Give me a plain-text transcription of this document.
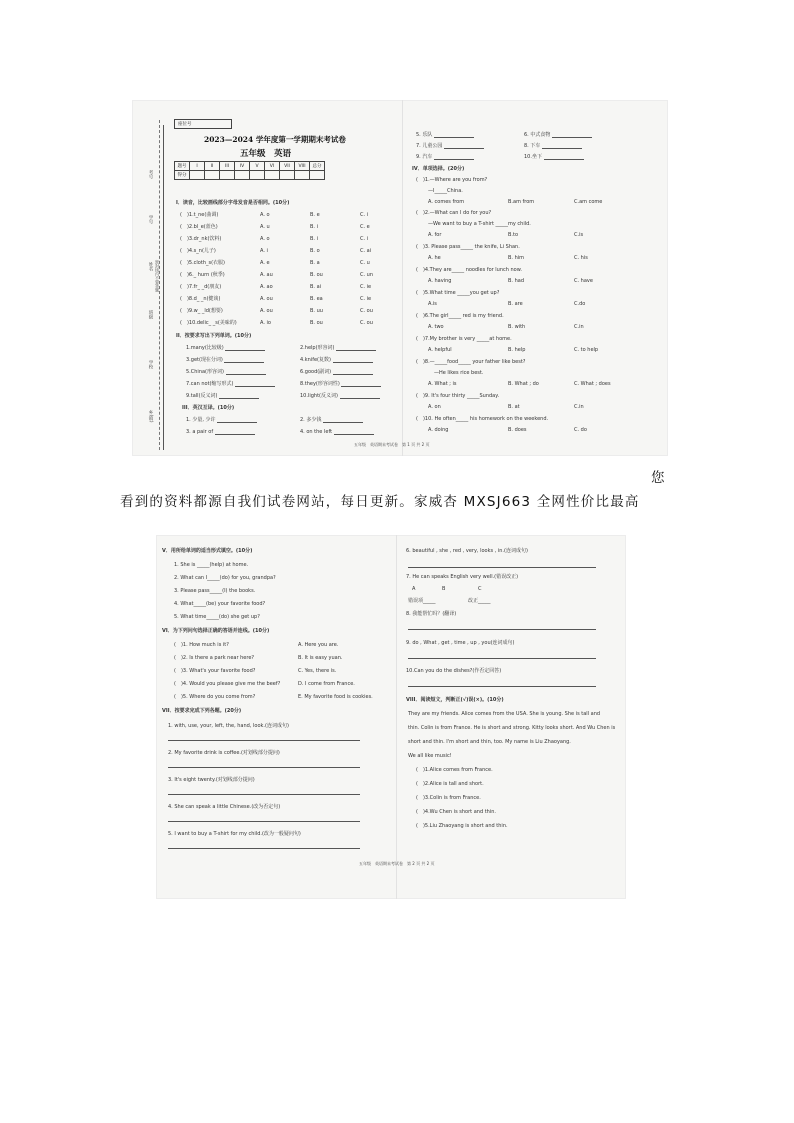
您
看到的资料都源自我们试卷网站，每日更新。家威杏 MXSJ663 全网性价比最高
考号
学号
姓名 密封线内不要答题
班级
学校
乡(镇)
座位号
2023—2024 学年度第一学期期末考试卷
五年级　英语
题号	I	II	III	IV	V	VI	VII	VIII	总分
得分									
I．读音，比较画线部分字母发音是否相同。(10分)
(　)1.t_ne(曲调)	A. o	B. e	C. i
(　)2.bl_e(蓝色)	A. u	B. i	C. e
(　)3.dr_nk(饮料)	A. o	B. i	C. i
(　)4.s_n(儿子)	A. i	B. o	C. ai
(　)5.cloth_s(衣服)	A. e	B. a	C. u
(　)6._ hurn (秋季)	A. au	B. ou	C. un
(　)7.fr_ _d(朋友)	A. ao	B. ai	C. ie
(　)8.d_ _n(健谈)	A. ou	B. ea	C. ie
(　)9.w_ _ld(想要)	A. ou	B. uu	C. ou
(　)10.delic_ _s(美味的)	A. io	B. ou	C. ou
II．按要求写出下列单词。(10分)
1.many(比较级)	2.help(形容词)
3.get(现在分词)	4.knife(复数)
5.China(形容词)	6.good(副词)
7.can not(缩写形式)	8.they(形容词性)
9.tall(反义词)	10.light(反义词)
III．英汉互译。(10分)
1. 少量, 少许	2. 多少钱
3. a pair of	4. on the left
5. 乐队	6. 中式食物
7. 儿童公园	8. 下车
9. 汽车	10.坐下
IV．单项选择。(20分)
(　)1.—Where are you from?
—I_____China.
A. comes from	B.am from	C.am come
(　)2.—What can I do for you?
—We want to buy a T-shirt _____my child.
A. for	B.to	C.is
(　)3. Please pass_____ the knife, Li Shan.
A. he	B. him	C. his
(　)4.They are_____ noodles for lunch now.
A. having	B. had	C. have
(　)5.What time _____you get up?
A.is	B. are	C.do
(　)6.The girl_____ red is my friend.
A. two	B. with	C.in
(　)7.My brother is very _____at home.
A. helpful	B. help	C. to help
(　)8.—_____food_____ your father like best?
—He likes rice best.
A. What ; is	B. What ; do	C. What ; does
(　)9. It's four thirty _____Sunday.
A. on	B. at	C.in
(　)10. He often_____ his homework on the weekend.
A. doing	B. does	C. do
五年级　英语期末考试卷　第 1 页 共 2 页
V．用所给单词的适当形式填空。(10分)
1. She is _____(help) at home.
2. What can I_____(do) for you, grandpa?
3. Please pass_____(I) the books.
4. What_____(be) your favorite food?
5. What time_____(do) she get up?
VI．为下列问句选择正确的答语并连线。(10分)
(　)1. How much is it?	A. Here you are.
(　)2. Is there a park near here?	B. It is easy yuan.
(　)3. What's your favorite food?	C. Yes, there is.
(　)4. Would you please give me the beef?	D. I come from France.
(　)5. Where do you come from?	E. My favorite food is cookies.
VII．按要求完成下列各题。(20分)
1. with, use, your, left, the, hand, look.(连词成句)
2. My favorite drink is coffee.(对划线部分提问)
3. It's eight twenty.(对划线部分提问)
4. She can speak a little Chinese.(改为否定句)
5. I want to buy a T-shirt for my child.(改为一般疑问句)
6. beautiful , she , red , very, looks , in.(连词成句)
7. He can speaks English very well.(错误改正)
A	B	C
错误项_____	改正_____
8. 我能帮忙吗？(翻译)
9. do , What , get , time , up , you(连词成句)
10.Can you do the dishes?(作否定回答)
VIII．阅读短文，判断正(√)误(×)。(10分)
They are my friends. Alice comes from the USA. She is young. She is tall and
thin. Colin is from France. He is short and strong. Kitty looks short. And Wu Chen is
short and thin. I'm short and thin, too. My name is Liu Zhaoyang.
We all like music!
(　)1.Alice comes from France.
(　)2.Alice is tall and short.
(　)3.Colin is from France.
(　)4.Wu Chen is short and thin.
(　)5.Liu Zhaoyang is short and thin.
五年级　英语期末考试卷　第 2 页 共 2 页
